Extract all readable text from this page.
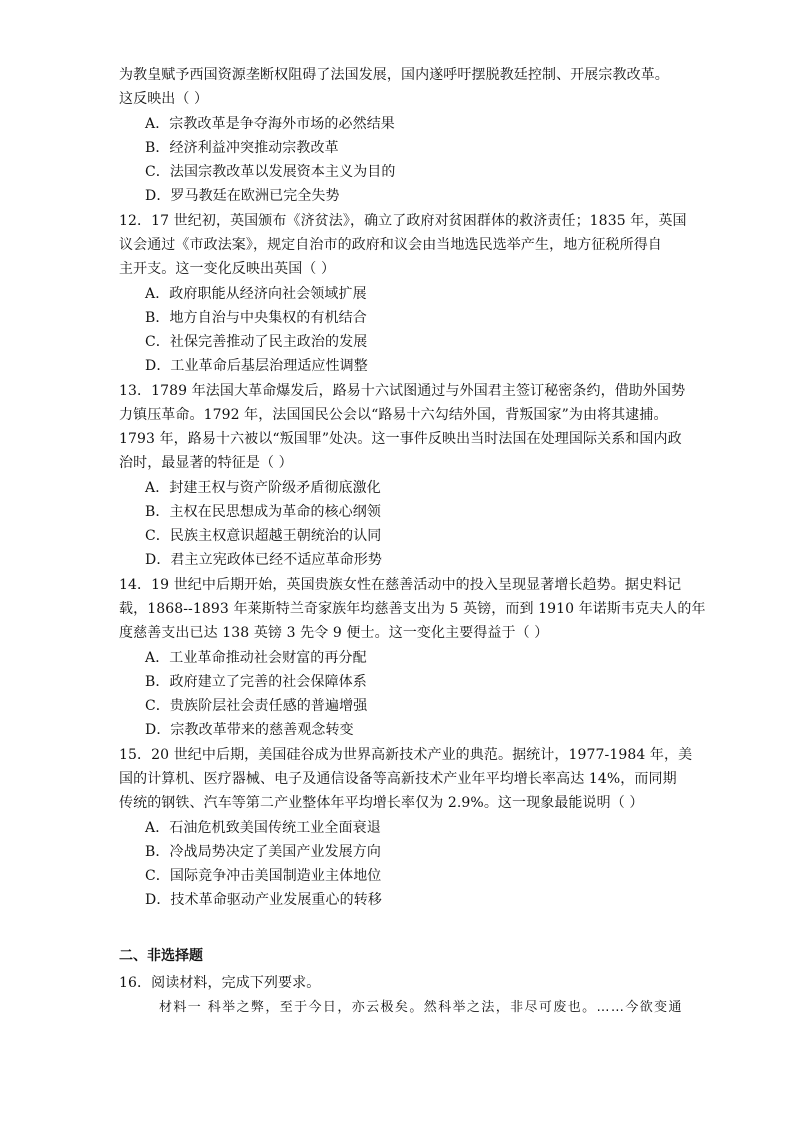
为教皇赋予西国资源垄断权阻碍了法国发展，国内遂呼吁摆脱教廷控制、开展宗教改革。
这反映出（ ）
A．宗教改革是争夺海外市场的必然结果
B．经济利益冲突推动宗教改革
C．法国宗教改革以发展资本主义为目的
D．罗马教廷在欧洲已完全失势
12．17 世纪初，英国颁布《济贫法》，确立了政府对贫困群体的救济责任；1835 年，英国
议会通过《市政法案》，规定自治市的政府和议会由当地选民选举产生，地方征税所得自
主开支。这一变化反映出英国（ ）
A．政府职能从经济向社会领域扩展
B．地方自治与中央集权的有机结合
C．社保完善推动了民主政治的发展
D．工业革命后基层治理适应性调整
13．1789 年法国大革命爆发后，路易十六试图通过与外国君主签订秘密条约，借助外国势
力镇压革命。1792 年，法国国民公会以“路易十六勾结外国，背叛国家”为由将其逮捕。
1793 年，路易十六被以“叛国罪”处决。这一事件反映出当时法国在处理国际关系和国内政
治时，最显著的特征是（ ）
A．封建王权与资产阶级矛盾彻底激化
B．主权在民思想成为革命的核心纲领
C．民族主权意识超越王朝统治的认同
D．君主立宪政体已经不适应革命形势
14．19 世纪中后期开始，英国贵族女性在慈善活动中的投入呈现显著增长趋势。据史料记
载，1868--1893 年莱斯特兰奇家族年均慈善支出为 5 英镑，而到 1910 年诺斯韦克夫人的年
度慈善支出已达 138 英镑 3 先令 9 便士。这一变化主要得益于（ ）
A．工业革命推动社会财富的再分配
B．政府建立了完善的社会保障体系
C．贵族阶层社会责任感的普遍增强
D．宗教改革带来的慈善观念转变
15．20 世纪中后期，美国硅谷成为世界高新技术产业的典范。据统计，1977-1984 年，美
国的计算机、医疗器械、电子及通信设备等高新技术产业年平均增长率高达 14%，而同期
传统的钢铁、汽车等第二产业整体年平均增长率仅为 2.9%。这一现象最能说明（ ）
A．石油危机致美国传统工业全面衰退
B．冷战局势决定了美国产业发展方向
C．国际竞争冲击美国制造业主体地位
D．技术革命驱动产业发展重心的转移
二、非选择题
16．阅读材料，完成下列要求。
材料一 科举之弊，至于今日，亦云极矣。然科举之法，非尽可废也。……今欲变通
